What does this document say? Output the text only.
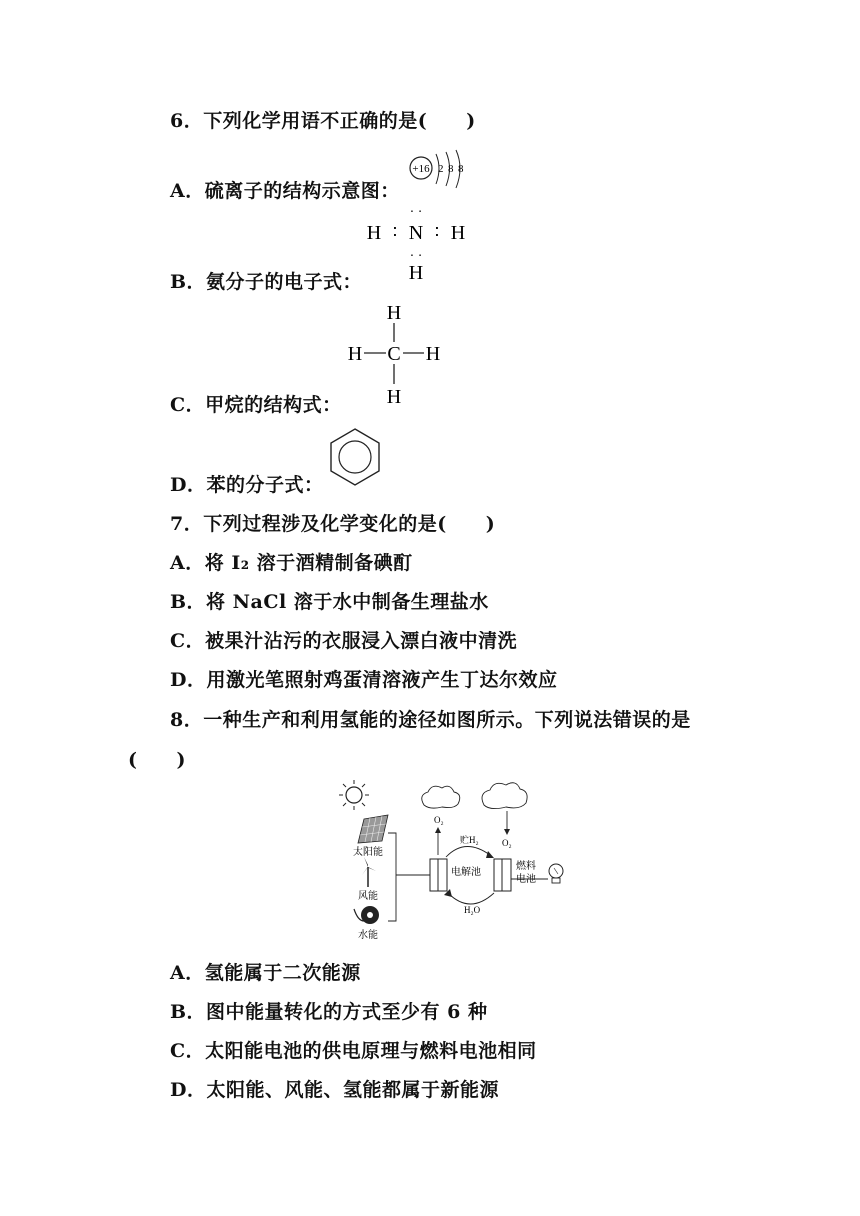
6．下列化学用语不正确的是(　　)
A．硫离子的结构示意图：
+16 2 8 8
· ·
H ∶ N ∶ H
· ·
H
B．氨分子的电子式：
H
H C H
H
C．甲烷的结构式：
D．苯的分子式：
7．下列过程涉及化学变化的是(　　)
A．将 I₂ 溶于酒精制备碘酊
B．将 NaCl 溶于水中制备生理盐水
C．被果汁沾污的衣服浸入漂白液中清洗
D．用激光笔照射鸡蛋清溶液产生丁达尔效应
8．一种生产和利用氢能的途径如图所示。下列说法错误的是
(　　)
太阳能
风能
水能
电解池
O₂
O₂
贮H₂
燃料
电池
H₂O
A．氢能属于二次能源
B．图中能量转化的方式至少有 6 种
C．太阳能电池的供电原理与燃料电池相同
D．太阳能、风能、氢能都属于新能源
